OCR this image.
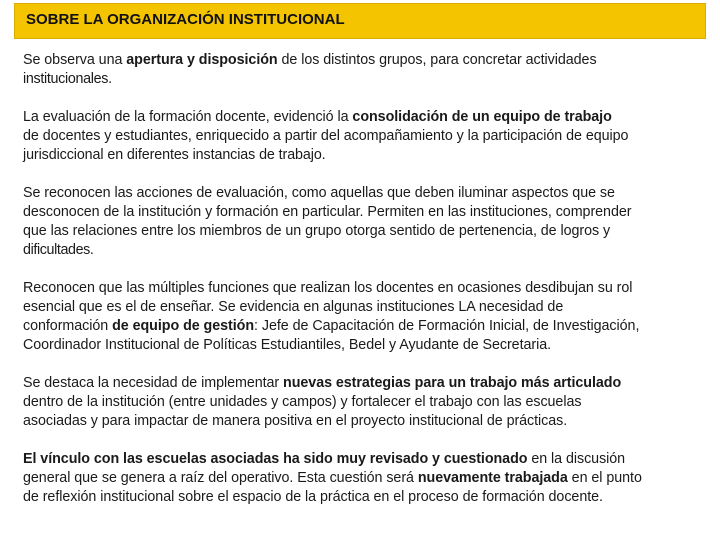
SOBRE LA ORGANIZACIÓN INSTITUCIONAL
Se observa una apertura y disposición de los distintos grupos, para concretar actividades
institucionales.
La evaluación de la formación docente, evidenció la consolidación de un equipo de trabajo
de docentes y estudiantes, enriquecido a partir del acompañamiento y la participación de equipo
jurisdiccional en diferentes instancias de trabajo.
Se reconocen las acciones de evaluación, como aquellas que deben iluminar aspectos que se
desconocen de la institución y formación en particular. Permiten en las instituciones, comprender
que las relaciones entre los miembros de un grupo otorga sentido de pertenencia, de logros y
dificultades.
Reconocen que las múltiples funciones que realizan los docentes en ocasiones desdibujan su rol
esencial que es el de enseñar. Se evidencia en algunas instituciones LA necesidad de
conformación de equipo de gestión: Jefe de Capacitación de Formación Inicial, de Investigación,
Coordinador Institucional de Políticas Estudiantiles, Bedel y Ayudante de Secretaria.
Se destaca la necesidad de implementar nuevas estrategias para un trabajo más articulado
dentro de la institución (entre unidades y campos) y fortalecer el trabajo con las escuelas
asociadas y para impactar de manera positiva en el proyecto institucional de prácticas.
El vínculo con las escuelas asociadas ha sido muy revisado y cuestionado en la discusión
general que se genera a raíz del operativo. Esta cuestión será nuevamente trabajada en el punto
de reflexión institucional sobre el espacio de la práctica en el proceso de formación docente.
